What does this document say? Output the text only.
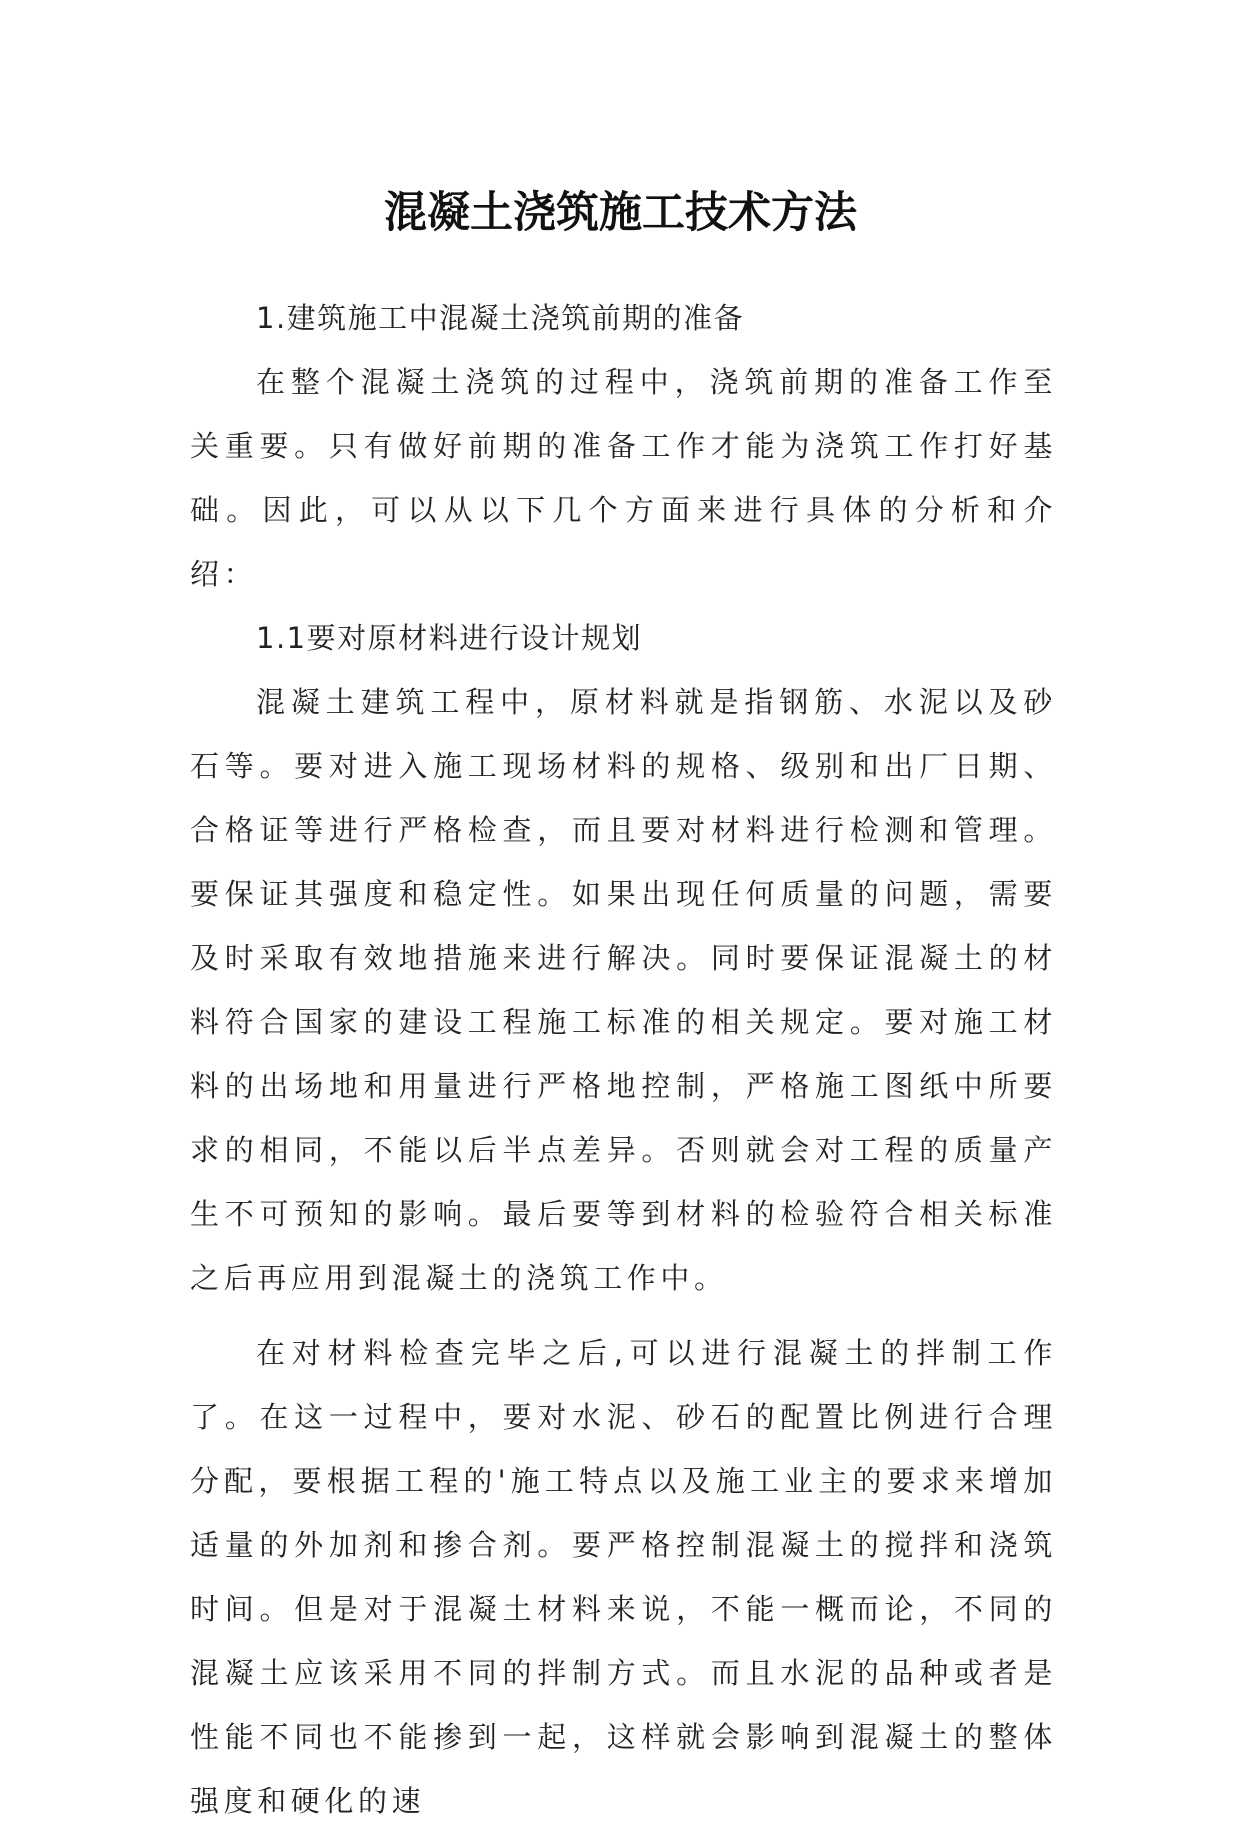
混凝土浇筑施工技术方法

1.建筑施工中混凝土浇筑前期的准备

在整个混凝土浇筑的过程中，浇筑前期的准备工作至关重要。只有做好前期的准备工作才能为浇筑工作打好基础。因此，可以从以下几个方面来进行具体的分析和介绍：

1.1要对原材料进行设计规划

混凝土建筑工程中，原材料就是指钢筋、水泥以及砂石等。要对进入施工现场材料的规格、级别和出厂日期、合格证等进行严格检查，而且要对材料进行检测和管理。要保证其强度和稳定性。如果出现任何质量的问题，需要及时采取有效地措施来进行解决。同时要保证混凝土的材料符合国家的建设工程施工标准的相关规定。要对施工材料的出场地和用量进行严格地控制，严格施工图纸中所要求的相同，不能以后半点差异。否则就会对工程的质量产生不可预知的影响。最后要等到材料的检验符合相关标准之后再应用到混凝土的浇筑工作中。

在对材料检查完毕之后,可以进行混凝土的拌制工作了。在这一过程中，要对水泥、砂石的配置比例进行合理分配，要根据工程的'施工特点以及施工业主的要求来增加适量的外加剂和掺合剂。要严格控制混凝土的搅拌和浇筑时间。但是对于混凝土材料来说，不能一概而论，不同的混凝土应该采用不同的拌制方式。而且水泥的品种或者是性能不同也不能掺到一起，这样就会影响到混凝土的整体强度和硬化的速
